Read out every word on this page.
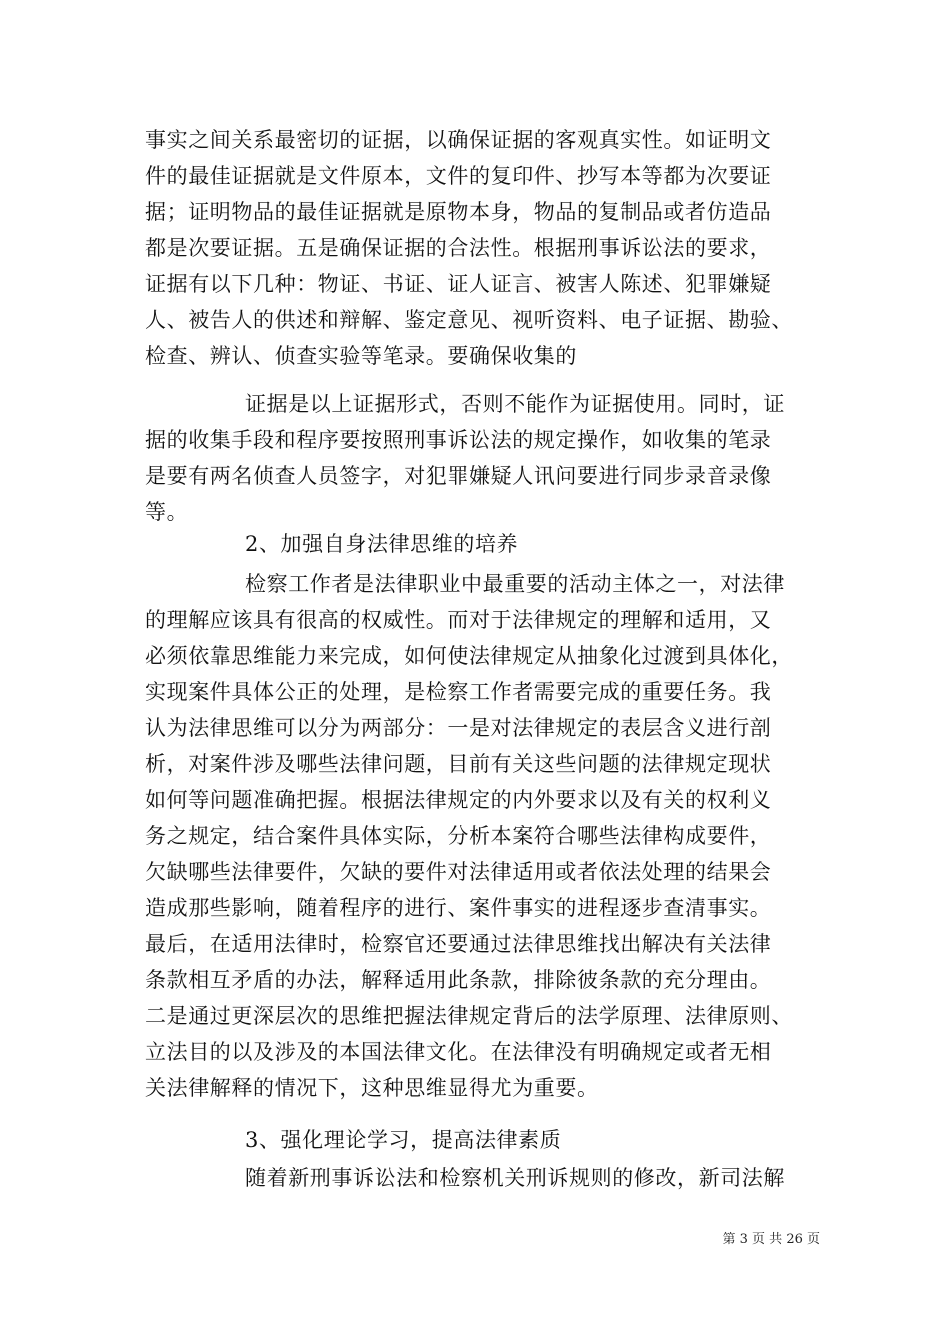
事实之间关系最密切的证据，以确保证据的客观真实性。如证明文
件的最佳证据就是文件原本，文件的复印件、抄写本等都为次要证
据；证明物品的最佳证据就是原物本身，物品的复制品或者仿造品
都是次要证据。五是确保证据的合法性。根据刑事诉讼法的要求，
证据有以下几种：物证、书证、证人证言、被害人陈述、犯罪嫌疑
人、被告人的供述和辩解、鉴定意见、视听资料、电子证据、勘验、
检查、辨认、侦查实验等笔录。要确保收集的
证据是以上证据形式，否则不能作为证据使用。同时，证
据的收集手段和程序要按照刑事诉讼法的规定操作，如收集的笔录
是要有两名侦查人员签字，对犯罪嫌疑人讯问要进行同步录音录像
等。
2、加强自身法律思维的培养
检察工作者是法律职业中最重要的活动主体之一，对法律
的理解应该具有很高的权威性。而对于法律规定的理解和适用，又
必须依靠思维能力来完成，如何使法律规定从抽象化过渡到具体化，
实现案件具体公正的处理，是检察工作者需要完成的重要任务。我
认为法律思维可以分为两部分：一是对法律规定的表层含义进行剖
析，对案件涉及哪些法律问题，目前有关这些问题的法律规定现状
如何等问题准确把握。根据法律规定的内外要求以及有关的权利义
务之规定，结合案件具体实际，分析本案符合哪些法律构成要件，
欠缺哪些法律要件，欠缺的要件对法律适用或者依法处理的结果会
造成那些影响，随着程序的进行、案件事实的进程逐步查清事实。
最后，在适用法律时，检察官还要通过法律思维找出解决有关法律
条款相互矛盾的办法，解释适用此条款，排除彼条款的充分理由。
二是通过更深层次的思维把握法律规定背后的法学原理、法律原则、
立法目的以及涉及的本国法律文化。在法律没有明确规定或者无相
关法律解释的情况下，这种思维显得尤为重要。
3、强化理论学习，提高法律素质
随着新刑事诉讼法和检察机关刑诉规则的修改，新司法解
第 3 页 共 26 页
